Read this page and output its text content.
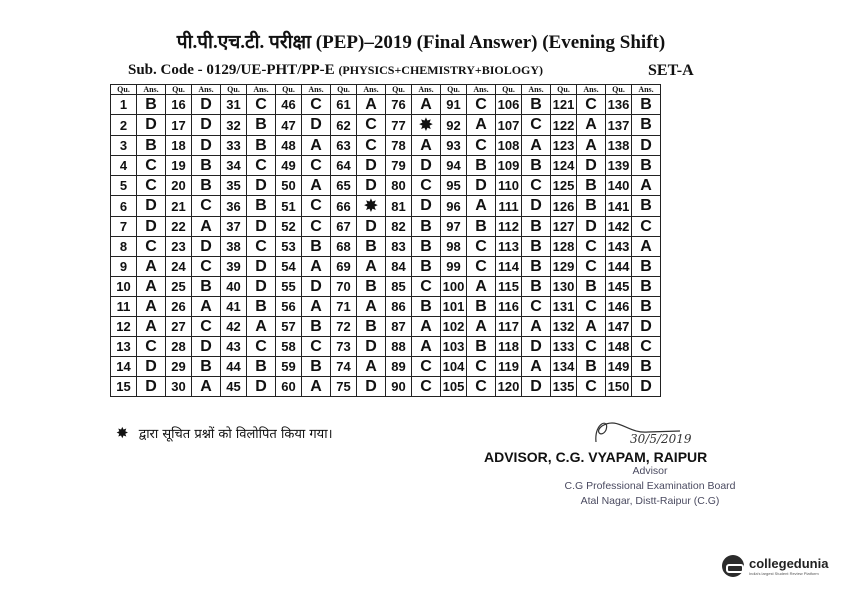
पी.पी.एच.टी. परीक्षा (PEP)–2019 (Final Answer) (Evening Shift)
Sub. Code - 0129/UE-PHT/PP-E (PHYSICS+CHEMISTRY+BIOLOGY)	SET-A
Qu.	Ans.	Qu.	Ans.	Qu.	Ans.	Qu.	Ans.	Qu.	Ans.	Qu.	Ans.	Qu.	Ans.	Qu.	Ans.	Qu.	Ans.	Qu.	Ans.
1	B	16	D	31	C	46	C	61	A	76	A	91	C	106	B	121	C	136	B
2	D	17	D	32	B	47	D	62	C	77	✸	92	A	107	C	122	A	137	B
3	B	18	D	33	B	48	A	63	C	78	A	93	C	108	A	123	A	138	D
4	C	19	B	34	C	49	C	64	D	79	D	94	B	109	B	124	D	139	B
5	C	20	B	35	D	50	A	65	D	80	C	95	D	110	C	125	B	140	A
6	D	21	C	36	B	51	C	66	✸	81	D	96	A	111	D	126	B	141	B
7	D	22	A	37	D	52	C	67	D	82	B	97	B	112	B	127	D	142	C
8	C	23	D	38	C	53	B	68	B	83	B	98	C	113	B	128	C	143	A
9	A	24	C	39	D	54	A	69	A	84	B	99	C	114	B	129	C	144	B
10	A	25	B	40	D	55	D	70	B	85	C	100	A	115	B	130	B	145	B
11	A	26	A	41	B	56	A	71	A	86	B	101	B	116	C	131	C	146	B
12	A	27	C	42	A	57	B	72	B	87	A	102	A	117	A	132	A	147	D
13	C	28	D	43	C	58	C	73	D	88	A	103	B	118	D	133	C	148	C
14	D	29	B	44	B	59	B	74	A	89	C	104	C	119	A	134	B	149	B
15	D	30	A	45	D	60	A	75	D	90	C	105	C	120	D	135	C	150	D
✸ द्वारा सूचित प्रश्नों को विलोपित किया गया।	30/5/2019
ADVISOR, C.G. VYAPAM, RAIPUR
Advisor
C.G Professional Examination Board
Atal Nagar, Distt-Raipur (C.G)
collegedunia
India's largest Student Review Platform
